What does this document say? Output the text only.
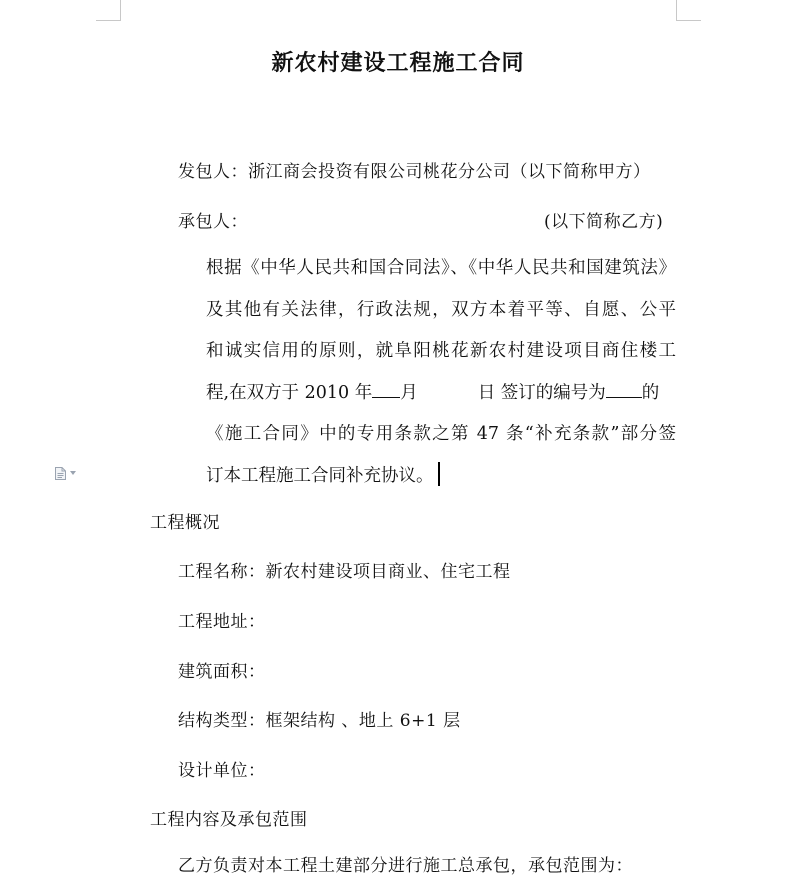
新农村建设工程施工合同
发包人：浙江商会投资有限公司桃花分公司（以下简称甲方）
承包人：	(以下简称乙方)
根据《中华人民共和国合同法》、《中华人民共和国建筑法》
及其他有关法律，行政法规，双方本着平等、自愿、公平
和诚实信用的原则，就阜阳桃花新农村建设项目商住楼工
程,在双方于 2010 年 月	日 签订的编号为 的
《施工合同》中的专用条款之第 47 条“补充条款”部分签
订本工程施工合同补充协议。
工程概况
工程名称：新农村建设项目商业、住宅工程
工程地址：
建筑面积：
结构类型：框架结构 、地上 6+1 层
设计单位：
工程内容及承包范围
乙方负责对本工程土建部分进行施工总承包，承包范围为：
